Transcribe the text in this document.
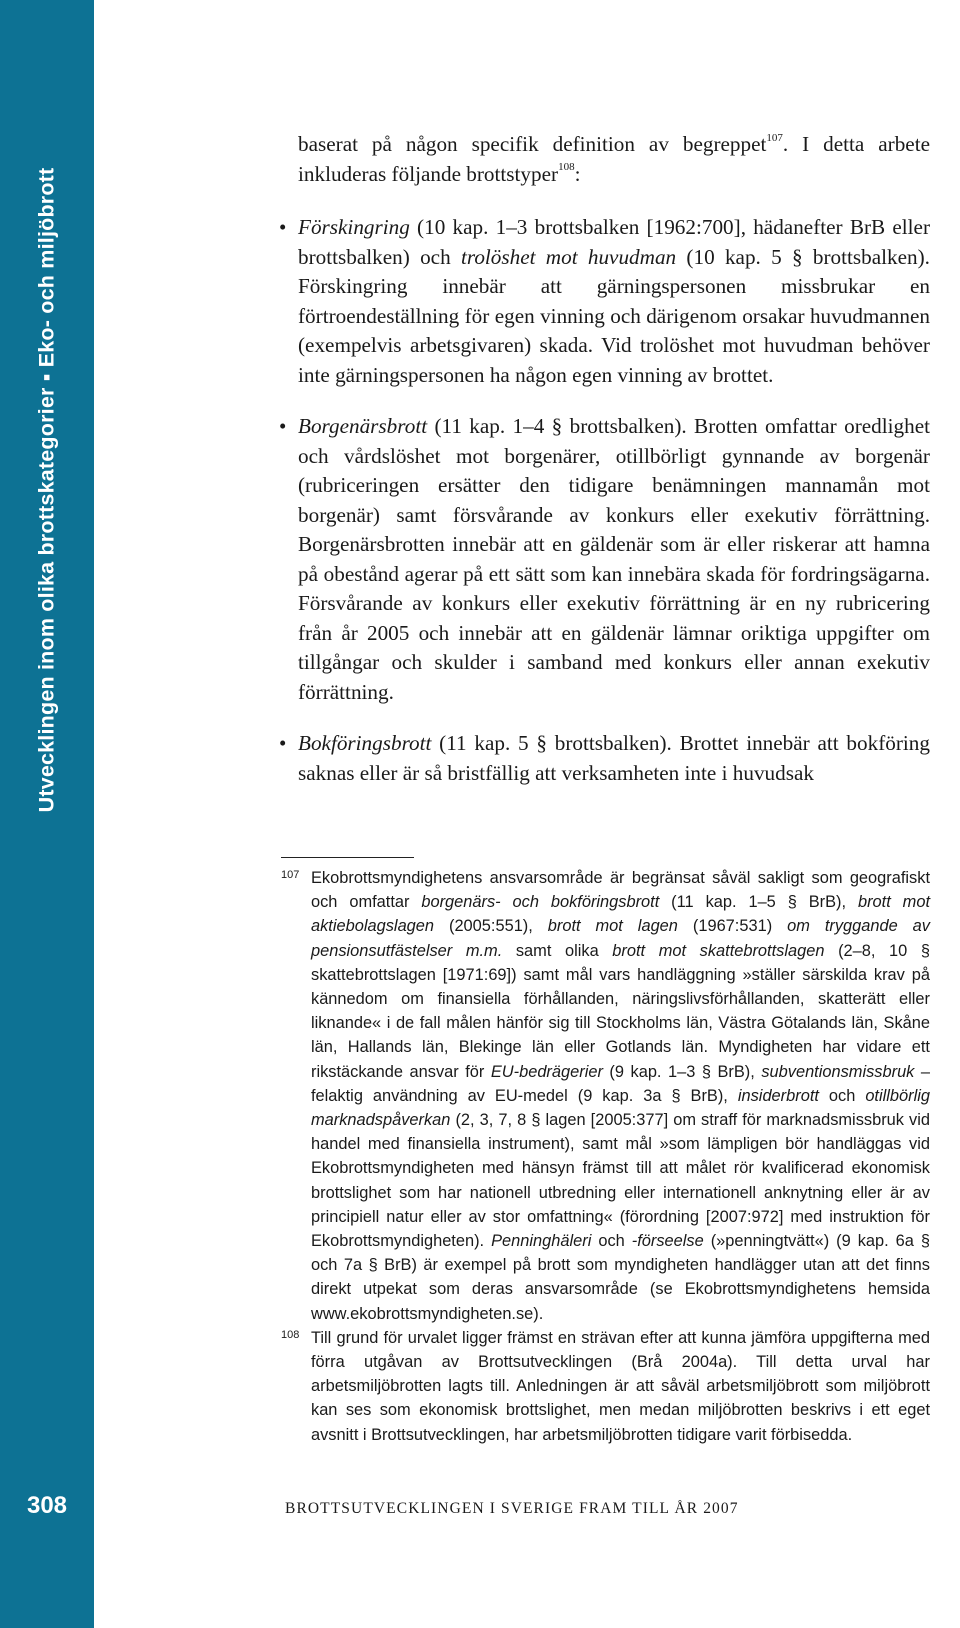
Utvecklingen inom olika brottskategorier ▪ Eko- och miljöbrott
308

baserat på någon specifik definition av begreppet$^{107}$. I detta arbete inkluderas följande brottstyper$^{108}$:

• Förskingring (10 kap. 1–3 brottsbalken [1962:700], hädanefter BrB eller brottsbalken) och trolöshet mot huvudman (10 kap. 5 § brottsbalken). Förskingring innebär att gärningspersonen missbrukar en förtroendeställning för egen vinning och därigenom orsakar huvudmannen (exempelvis arbetsgivaren) skada. Vid trolöshet mot huvudman behöver inte gärningspersonen ha någon egen vinning av brottet.
• Borgenärsbrott (11 kap. 1–4 § brottsbalken). Brotten omfattar oredlighet och vårdslöshet mot borgenärer, otillbörligt gynnande av borgenär (rubriceringen ersätter den tidigare benämningen mannamån mot borgenär) samt försvårande av konkurs eller exekutiv förrättning. Borgenärsbrotten innebär att en gäldenär som är eller riskerar att hamna på obestånd agerar på ett sätt som kan innebära skada för fordringsägarna. Försvårande av konkurs eller exekutiv förrättning är en ny rubricering från år 2005 och innebär att en gäldenär lämnar oriktiga uppgifter om tillgångar och skulder i samband med konkurs eller annan exekutiv förrättning.
• Bokföringsbrott (11 kap. 5 § brottsbalken). Brottet innebär att bokföring saknas eller är så bristfällig att verksamheten inte i huvudsak

107 Ekobrottsmyndighetens ansvarsområde är begränsat såväl sakligt som geografiskt och omfattar borgenärs- och bokföringsbrott (11 kap. 1–5 § BrB), brott mot aktiebolagslagen (2005:551), brott mot lagen (1967:531) om tryggande av pensionsutfästelser m.m. samt olika brott mot skattebrottslagen (2–8, 10 § skattebrottslagen [1971:69]) samt mål vars handläggning »ställer särskilda krav på kännedom om finansiella förhållanden, näringslivsförhållanden, skatterätt eller liknande« i de fall målen hänför sig till Stockholms län, Västra Götalands län, Skåne län, Hallands län, Blekinge län eller Gotlands län. Myndigheten har vidare ett rikstäckande ansvar för EU-bedrägerier (9 kap. 1–3 § BrB), subventionsmissbruk – felaktig användning av EU-medel (9 kap. 3a § BrB), insiderbrott och otillbörlig marknadspåverkan (2, 3, 7, 8 § lagen [2005:377] om straff för marknadsmissbruk vid handel med finansiella instrument), samt mål »som lämpligen bör handläggas vid Ekobrottsmyndigheten med hänsyn främst till att målet rör kvalificerad ekonomisk brottslighet som har nationell utbredning eller internationell anknytning eller är av principiell natur eller av stor omfattning« (förordning [2007:972] med instruktion för Ekobrottsmyndigheten). Penninghäleri och -förseelse (»penningtvätt«) (9 kap. 6a § och 7a § BrB) är exempel på brott som myndigheten handlägger utan att det finns direkt utpekat som deras ansvarsområde (se Ekobrottsmyndighetens hemsida www.ekobrottsmyndigheten.se).

108 Till grund för urvalet ligger främst en strävan efter att kunna jämföra uppgifterna med förra utgåvan av Brottsutvecklingen (Brå 2004a). Till detta urval har arbetsmiljöbrotten lagts till. Anledningen är att såväl arbetsmiljöbrott som miljöbrott kan ses som ekonomisk brottslighet, men medan miljöbrotten beskrivs i ett eget avsnitt i Brottsutvecklingen, har arbetsmiljöbrotten tidigare varit förbisedda.

BROTTSUTVECKLINGEN I SVERIGE FRAM TILL ÅR 2007
